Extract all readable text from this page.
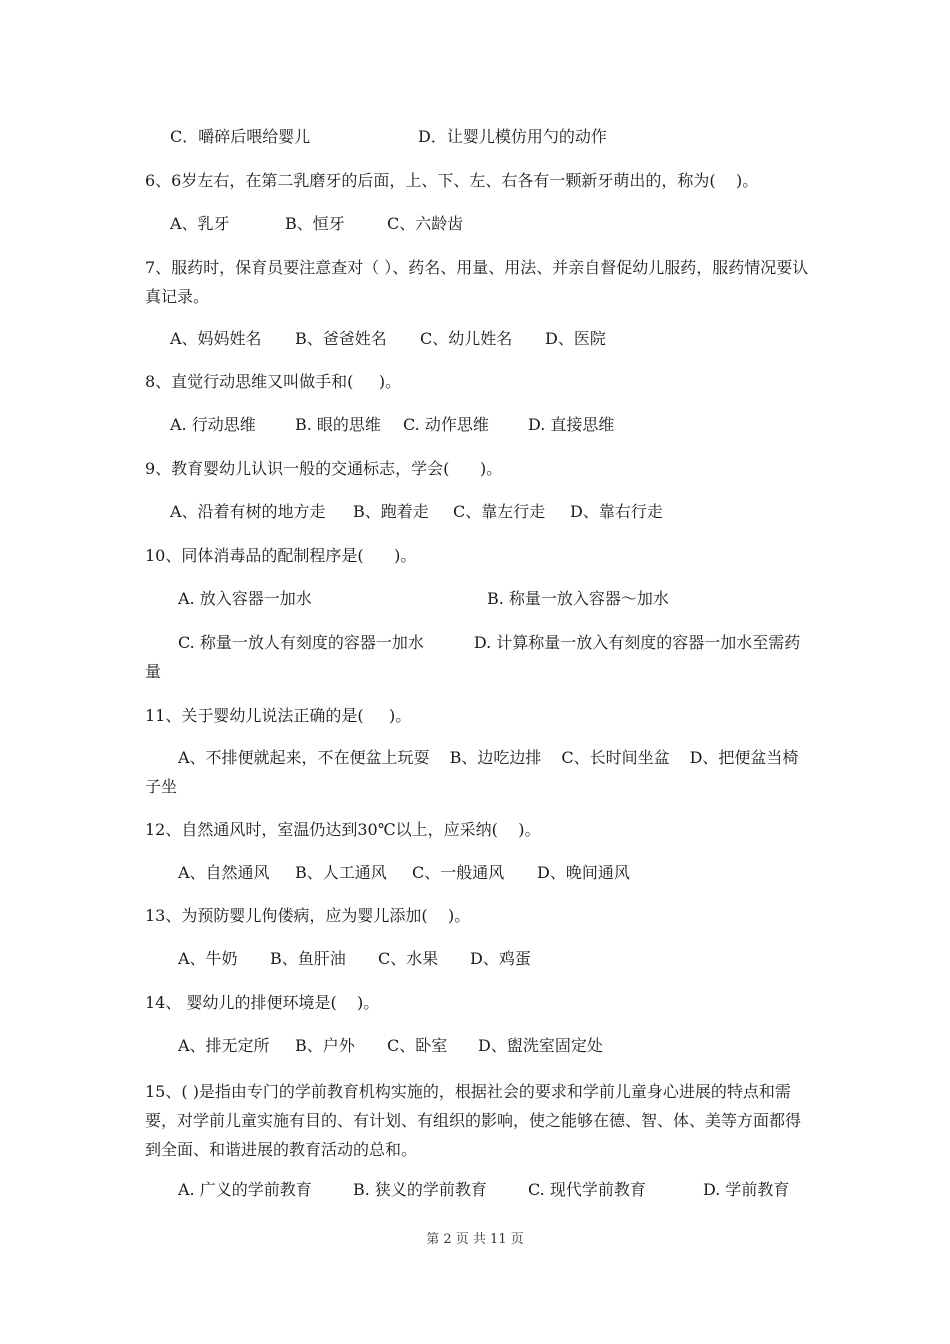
C．嚼碎后喂给婴儿	D．让婴儿模仿用勺的动作
6、6岁左右，在第二乳磨牙的后面，上、下、左、右各有一颗新牙萌出的，称为(    )。
A、乳牙	B、恒牙	C、六龄齿
7、服药时，保育员要注意查对（ ）、药名、用量、用法、并亲自督促幼儿服药，服药情况要认真记录。
A、妈妈姓名 B、爸爸姓名 C、幼儿姓名 D、医院
8、直觉行动思维又叫做手和(     )。
A. 行动思维 B. 眼的思维 C. 动作思维 D. 直接思维
9、教育婴幼儿认识一般的交通标志，学会(      )。
A、沿着有树的地方走 B、跑着走 C、靠左行走 D、靠右行走
10、同体消毒品的配制程序是(      )。
A. 放入容器一加水	B. 称量一放入容器～加水
C. 称量一放人有刻度的容器一加水	D. 计算称量一放入有刻度的容器一加水至需药量
11、关于婴幼儿说法正确的是(     )。
A、不排便就起来，不在便盆上玩耍 B、边吃边排 C、长时间坐盆 D、把便盆当椅子坐
12、自然通风时，室温仍达到30℃以上，应采纳(    )。
A、自然通风 B、人工通风 C、一般通风 D、晚间通风
13、为预防婴儿佝偻病，应为婴儿添加(    )。
A、牛奶 B、鱼肝油 C、水果 D、鸡蛋
14、 婴幼儿的排便环境是(    )。
A、排无定所 B、户外 C、卧室 D、盥洗室固定处
15、( )是指由专门的学前教育机构实施的，根据社会的要求和学前儿童身心进展的特点和需要，对学前儿童实施有目的、有计划、有组织的影响，使之能够在德、智、体、美等方面都得到全面、和谐进展的教育活动的总和。
A. 广义的学前教育	B. 狭义的学前教育	C. 现代学前教育	D. 学前教育
第 2 页 共 11 页
